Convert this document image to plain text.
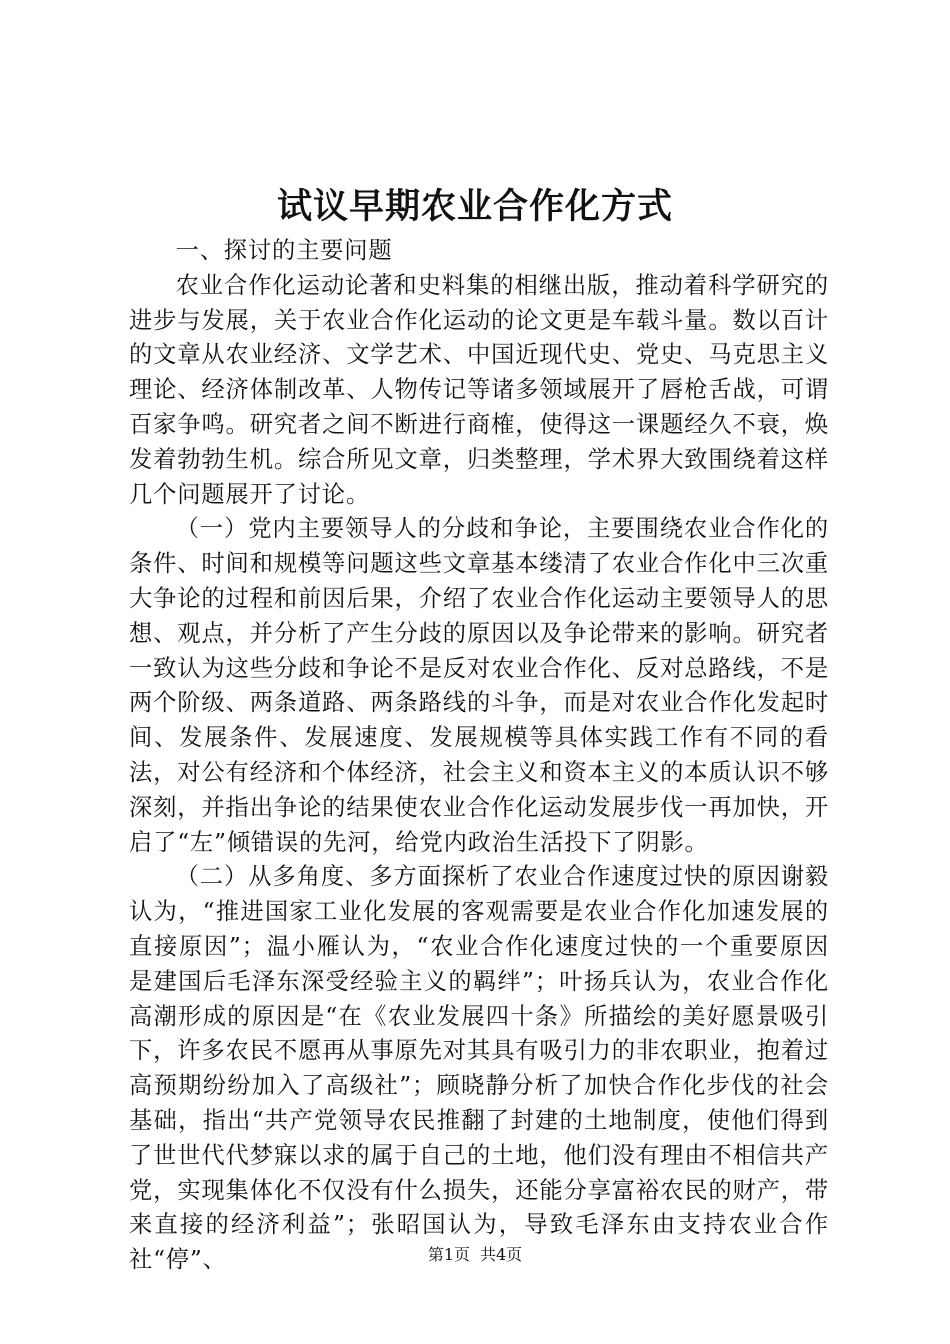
试议早期农业合作化方式

一、探讨的主要问题

农业合作化运动论著和史料集的相继出版，推动着科学研究的进步与发展，关于农业合作化运动的论文更是车载斗量。数以百计的文章从农业经济、文学艺术、中国近现代史、党史、马克思主义理论、经济体制改革、人物传记等诸多领域展开了唇枪舌战，可谓百家争鸣。研究者之间不断进行商榷，使得这一课题经久不衰，焕发着勃勃生机。综合所见文章，归类整理，学术界大致围绕着这样几个问题展开了讨论。

（一）党内主要领导人的分歧和争论，主要围绕农业合作化的条件、时间和规模等问题这些文章基本缕清了农业合作化中三次重大争论的过程和前因后果，介绍了农业合作化运动主要领导人的思想、观点，并分析了产生分歧的原因以及争论带来的影响。研究者一致认为这些分歧和争论不是反对农业合作化、反对总路线，不是两个阶级、两条道路、两条路线的斗争，而是对农业合作化发起时间、发展条件、发展速度、发展规模等具体实践工作有不同的看法，对公有经济和个体经济，社会主义和资本主义的本质认识不够深刻，并指出争论的结果使农业合作化运动发展步伐一再加快，开启了“左”倾错误的先河，给党内政治生活投下了阴影。

（二）从多角度、多方面探析了农业合作速度过快的原因谢毅认为，“推进国家工业化发展的客观需要是农业合作化加速发展的直接原因”；温小雁认为，“农业合作化速度过快的一个重要原因是建国后毛泽东深受经验主义的羁绊”；叶扬兵认为，农业合作化高潮形成的原因是“在《农业发展四十条》所描绘的美好愿景吸引下，许多农民不愿再从事原先对其具有吸引力的非农职业，抱着过高预期纷纷加入了高级社”；顾晓静分析了加快合作化步伐的社会基础，指出“共产党领导农民推翻了封建的土地制度，使他们得到了世世代代梦寐以求的属于自己的土地，他们没有理由不相信共产党，实现集体化不仅没有什么损失，还能分享富裕农民的财产，带来直接的经济利益”；张昭国认为，导致毛泽东由支持农业合作社“停”、	第1页 共4页
